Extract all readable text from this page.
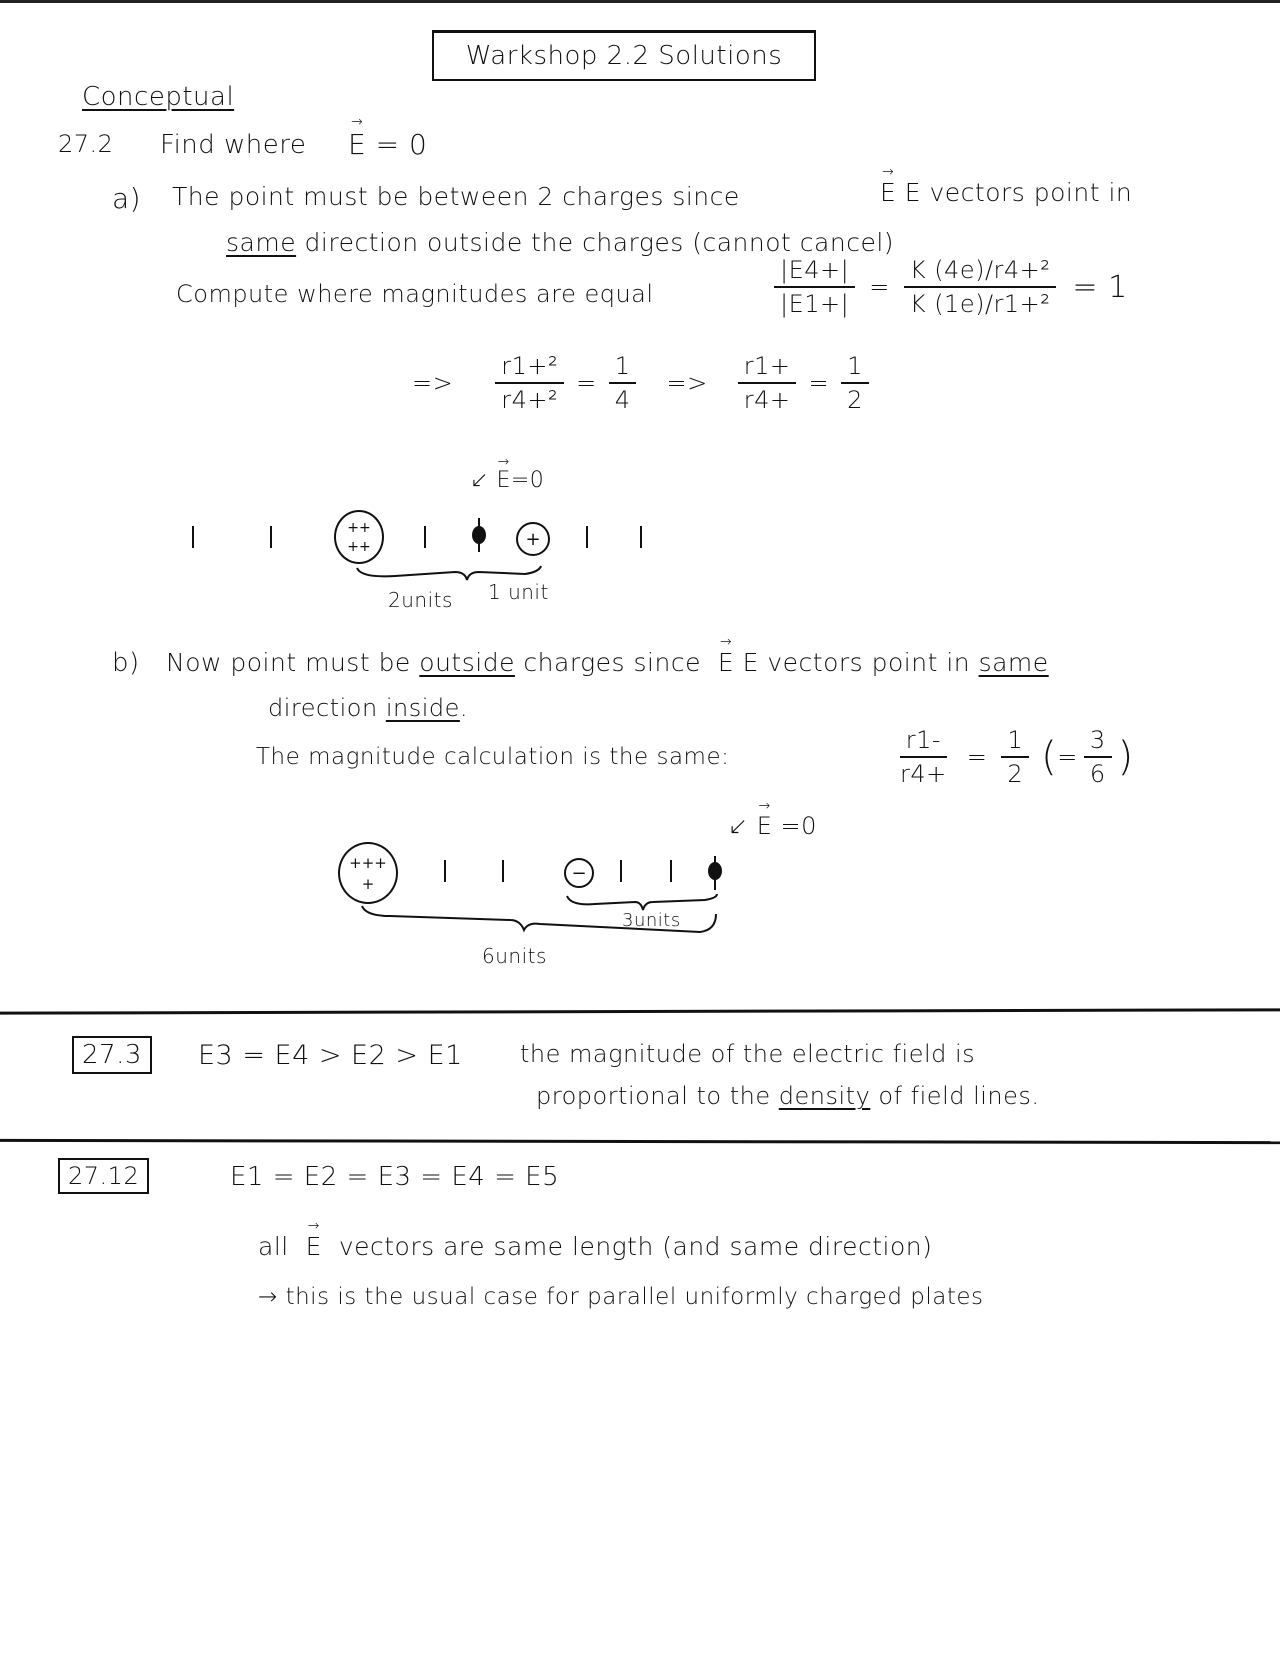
Warkshop 2.2 Solutions
Conceptual
27.2 Find where → E = 0
a) The point must be between 2 charges since	→ E E vectors point in
same direction outside the charges (cannot cancel)
Compute where magnitudes are equal	$\frac{|E4+|}{|E1+|} = \frac{\text{K (4e)/r4+²}}{\text{K (1e)/r1+²}} = 1$
=> $\frac{\text{r1+²}}{\text{r4+²}} = \frac{1}{4} => \frac{r1+}{r4+} = \frac{1}{2}$
↙ → E=0
+ +
+ +	+
2units 1 unit
b) Now point must be outside charges since → E E vectors point in same
direction inside.
The magnitude calculation is the same:	$\frac{r1-}{r4+} = \frac{1}{2}$ ( = $\frac{3}{6}$ )
↙ → E =0
+ + +
+	−
3units
6units
27.3	E3 = E4 > E2 > E1 the magnitude of the electric field is
proportional to the density of field lines.
27.12	E1 = E2 = E3 = E4 = E5
all → E vectors are same length (and same direction)
→ this is the usual case for parallel uniformly charged plates
